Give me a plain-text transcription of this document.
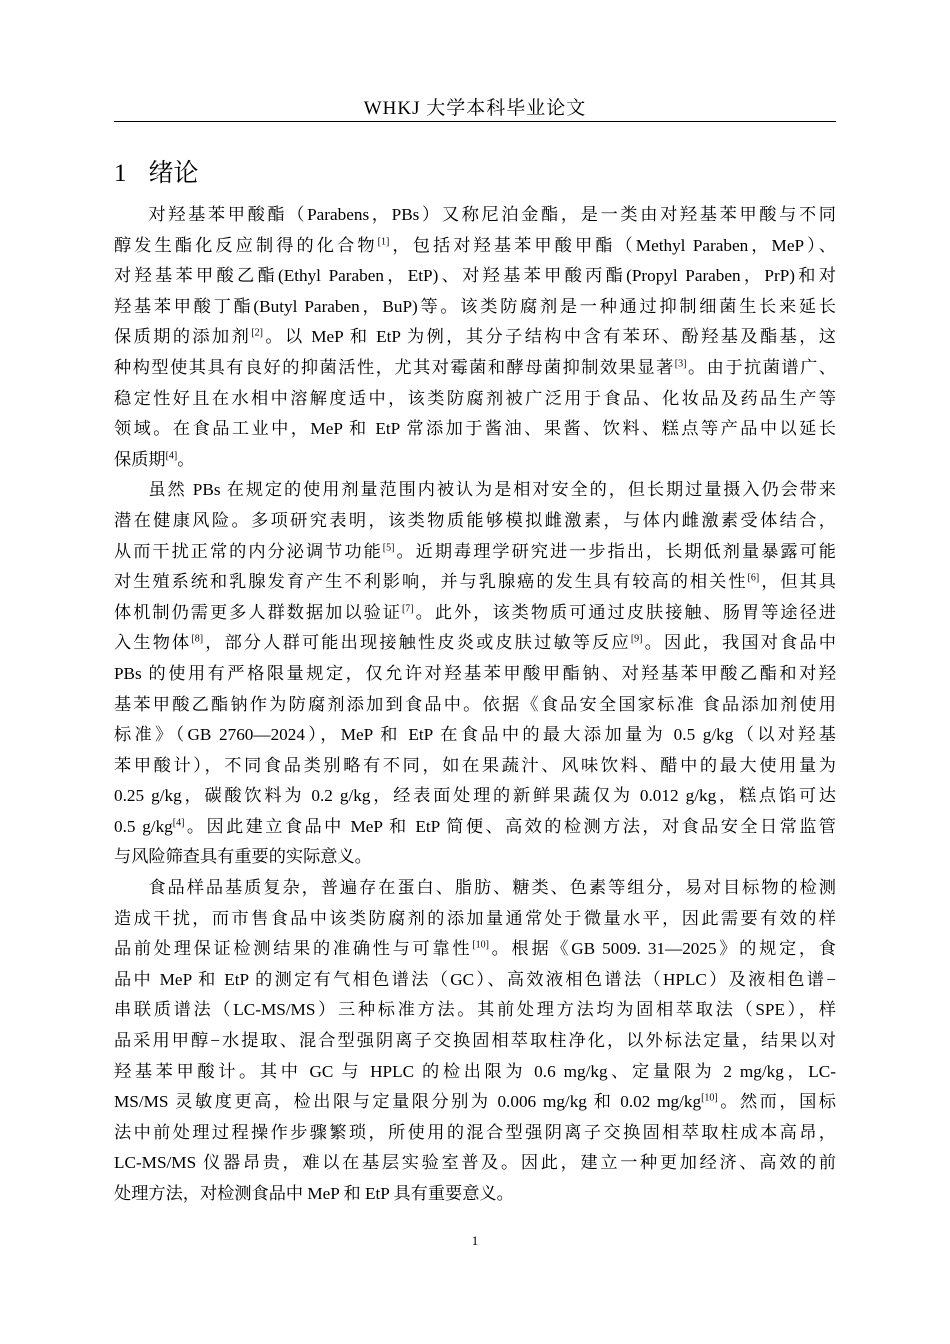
WHKJ 大学本科毕业论文
1 绪论

对羟基苯甲酸酯（Parabens，PBs）又称尼泊金酯，是一类由对羟基苯甲酸与不同
醇发生酯化反应制得的化合物[1]，包括对羟基苯甲酸甲酯（Methyl Paraben，MeP）、
对羟基苯甲酸乙酯(Ethyl Paraben，EtP)、对羟基苯甲酸丙酯(Propyl Paraben，PrP)和对
羟基苯甲酸丁酯(Butyl Paraben，BuP)等。该类防腐剂是一种通过抑制细菌生长来延长
保质期的添加剂[2]。以 MeP 和 EtP 为例，其分子结构中含有苯环、酚羟基及酯基，这
种构型使其具有良好的抑菌活性，尤其对霉菌和酵母菌抑制效果显著[3]。由于抗菌谱广、
稳定性好且在水相中溶解度适中，该类防腐剂被广泛用于食品、化妆品及药品生产等
领域。在食品工业中，MeP 和 EtP 常添加于酱油、果酱、饮料、糕点等产品中以延长
保质期[4]。

虽然 PBs 在规定的使用剂量范围内被认为是相对安全的，但长期过量摄入仍会带来
潜在健康风险。多项研究表明，该类物质能够模拟雌激素，与体内雌激素受体结合，
从而干扰正常的内分泌调节功能[5]。近期毒理学研究进一步指出，长期低剂量暴露可能
对生殖系统和乳腺发育产生不利影响，并与乳腺癌的发生具有较高的相关性[6]，但其具
体机制仍需更多人群数据加以验证[7]。此外，该类物质可通过皮肤接触、肠胃等途径进
入生物体[8]，部分人群可能出现接触性皮炎或皮肤过敏等反应[9]。因此，我国对食品中
PBs 的使用有严格限量规定，仅允许对羟基苯甲酸甲酯钠、对羟基苯甲酸乙酯和对羟
基苯甲酸乙酯钠作为防腐剂添加到食品中。依据《食品安全国家标准 食品添加剂使用
标准》（GB 2760—2024），MeP 和 EtP 在食品中的最大添加量为 0.5 g/kg（以对羟基
苯甲酸计），不同食品类别略有不同，如在果蔬汁、风味饮料、醋中的最大使用量为
0.25 g/kg，碳酸饮料为 0.2 g/kg，经表面处理的新鲜果蔬仅为 0.012 g/kg，糕点馅可达
0.5 g/kg[4]。因此建立食品中 MeP 和 EtP 简便、高效的检测方法，对食品安全日常监管
与风险筛查具有重要的实际意义。

食品样品基质复杂，普遍存在蛋白、脂肪、糖类、色素等组分，易对目标物的检测
造成干扰，而市售食品中该类防腐剂的添加量通常处于微量水平，因此需要有效的样
品前处理保证检测结果的准确性与可靠性[10]。根据《GB 5009. 31—2025》的规定，食
品中 MeP 和 EtP 的测定有气相色谱法（GC）、高效液相色谱法（HPLC）及液相色谱−
串联质谱法（LC-MS/MS）三种标准方法。其前处理方法均为固相萃取法（SPE），样
品采用甲醇−水提取、混合型强阴离子交换固相萃取柱净化，以外标法定量，结果以对
羟基苯甲酸计。其中 GC 与 HPLC 的检出限为 0.6 mg/kg、定量限为 2 mg/kg，LC-
MS/MS 灵敏度更高，检出限与定量限分别为 0.006 mg/kg 和 0.02 mg/kg[10]。然而，国标
法中前处理过程操作步骤繁琐，所使用的混合型强阴离子交换固相萃取柱成本高昂，
LC-MS/MS 仪器昂贵，难以在基层实验室普及。因此，建立一种更加经济、高效的前
处理方法，对检测食品中 MeP 和 EtP 具有重要意义。

1
